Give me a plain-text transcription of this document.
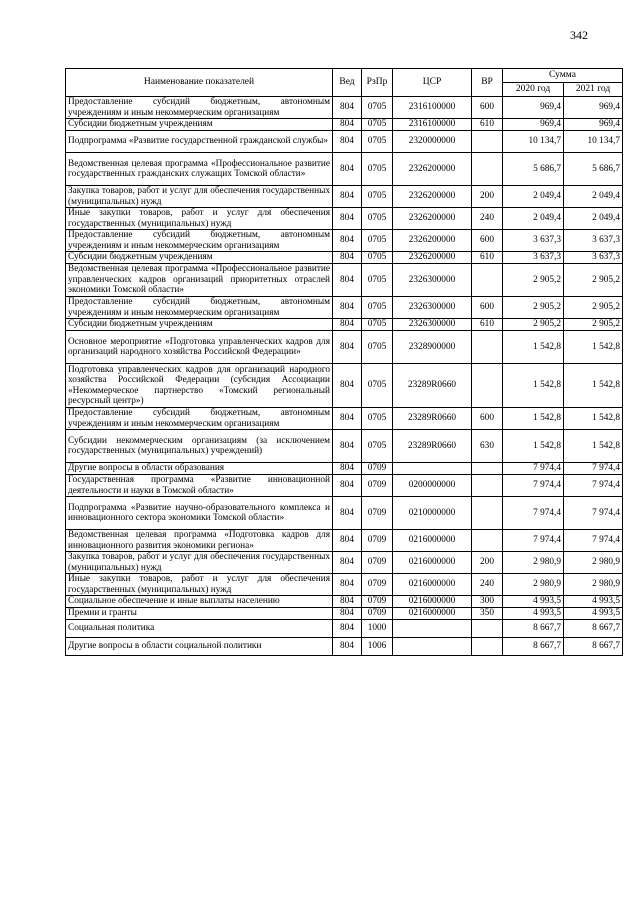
342
Наименование показателей	Вед	РзПр	ЦСР	ВР	Сумма	
					2020 год	2021 год
Предоставление субсидий бюджетным, автономным учреждениям и иным некоммерческим организациям	804	0705	2316100000	600	969,4	969,4
Субсидии бюджетным учреждениям	804	0705	2316100000	610	969,4	969,4
Подпрограмма «Развитие государственной гражданской службы»	804	0705	2320000000		10 134,7	10 134,7
Ведомственная целевая программа «Профессиональное развитие государственных гражданских служащих Томской области»	804	0705	2326200000		5 686,7	5 686,7
Закупка товаров, работ и услуг для обеспечения государственных (муниципальных) нужд	804	0705	2326200000	200	2 049,4	2 049,4
Иные закупки товаров, работ и услуг для обеспечения государственных (муниципальных) нужд	804	0705	2326200000	240	2 049,4	2 049,4
Предоставление субсидий бюджетным, автономным учреждениям и иным некоммерческим организациям	804	0705	2326200000	600	3 637,3	3 637,3
Субсидии бюджетным учреждениям	804	0705	2326200000	610	3 637,3	3 637,3
Ведомственная целевая программа «Профессиональное развитие управленческих кадров организаций приоритетных отраслей экономики Томской области»	804	0705	2326300000		2 905,2	2 905,2
Предоставление субсидий бюджетным, автономным учреждениям и иным некоммерческим организациям	804	0705	2326300000	600	2 905,2	2 905,2
Субсидии бюджетным учреждениям	804	0705	2326300000	610	2 905,2	2 905,2
Основное мероприятие «Подготовка управленческих кадров для организаций народного хозяйства Российской Федерации»	804	0705	2328900000		1 542,8	1 542,8
Подготовка управленческих кадров для организаций народного хозяйства Российской Федерации (субсидия Ассоциации «Некоммерческое партнерство «Томский региональный ресурсный центр»)	804	0705	23289R0660		1 542,8	1 542,8
Предоставление субсидий бюджетным, автономным учреждениям и иным некоммерческим организациям	804	0705	23289R0660	600	1 542,8	1 542,8
Субсидии некоммерческим организациям (за исключением государственных (муниципальных) учреждений)	804	0705	23289R0660	630	1 542,8	1 542,8
Другие вопросы в области образования	804	0709			7 974,4	7 974,4
Государственная программа «Развитие инновационной деятельности и науки в Томской области»	804	0709	0200000000		7 974,4	7 974,4
Подпрограмма «Развитие научно-образовательного комплекса и инновационного сектора экономики Томской области»	804	0709	0210000000		7 974,4	7 974,4
Ведомственная целевая программа «Подготовка кадров для инновационного развития экономики региона»	804	0709	0216000000		7 974,4	7 974,4
Закупка товаров, работ и услуг для обеспечения государственных (муниципальных) нужд	804	0709	0216000000	200	2 980,9	2 980,9
Иные закупки товаров, работ и услуг для обеспечения государственных (муниципальных) нужд	804	0709	0216000000	240	2 980,9	2 980,9
Социальное обеспечение и иные выплаты населению	804	0709	0216000000	300	4 993,5	4 993,5
Премии и гранты	804	0709	0216000000	350	4 993,5	4 993,5
Социальная политика	804	1000			8 667,7	8 667,7
Другие вопросы в области социальной политики	804	1006			8 667,7	8 667,7
